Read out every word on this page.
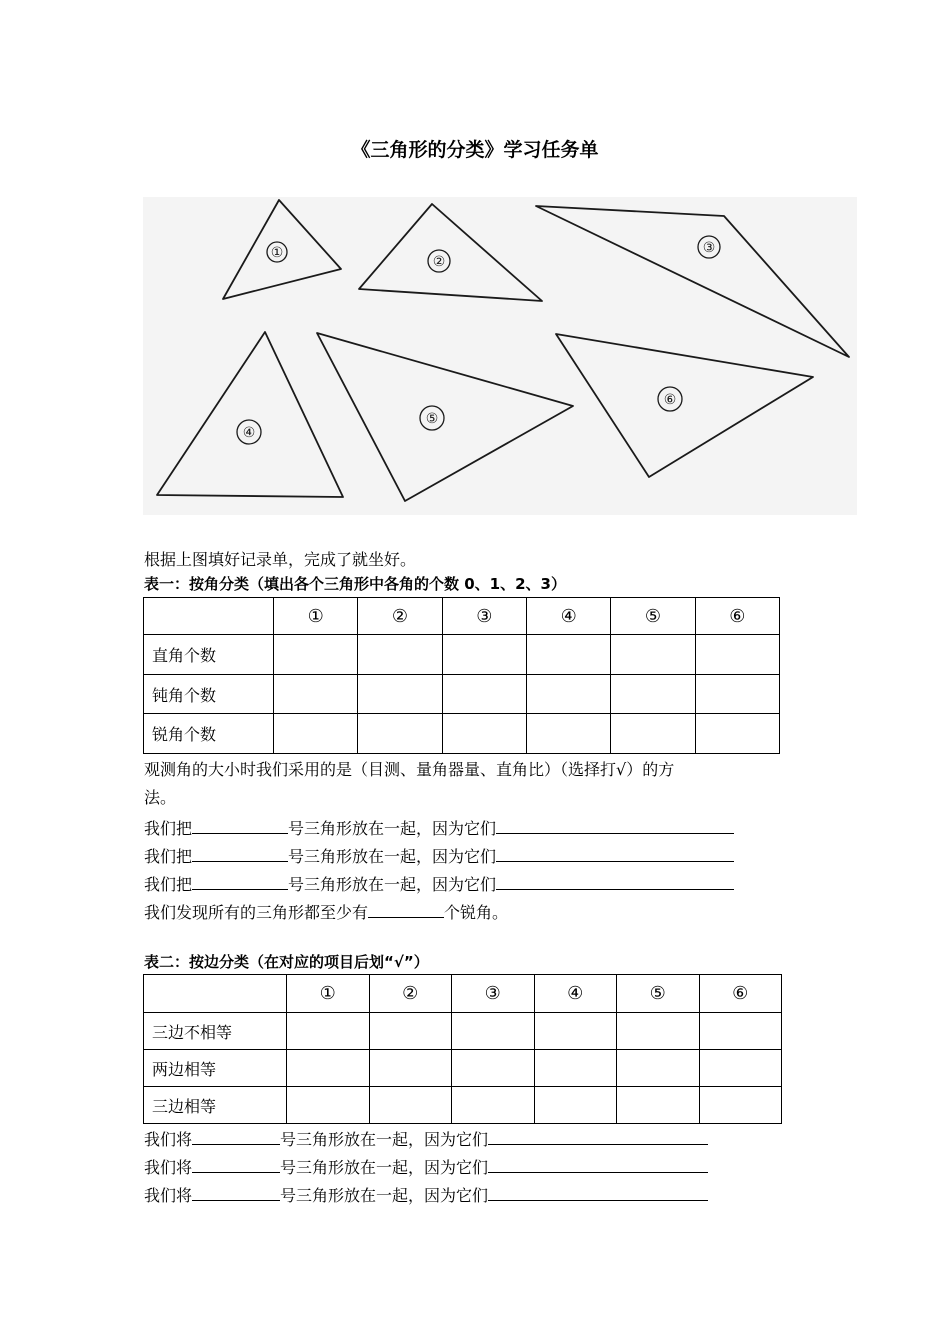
《三角形的分类》学习任务单
①
②
③
④
⑤
⑥
根据上图填好记录单，完成了就坐好。
表一：按角分类（填出各个三角形中各角的个数 0、1、2、3）
	①	②	③	④	⑤	⑥
直角个数						
钝角个数						
锐角个数						
观测角的大小时我们采用的是（目测、量角器量、直角比）（选择打√）的方
法。
我们把	号三角形放在一起，因为它们
我们把	号三角形放在一起，因为它们
我们把	号三角形放在一起，因为它们
我们发现所有的三角形都至少有	个锐角。
表二：按边分类（在对应的项目后划“√”）
	①	②	③	④	⑤	⑥
三边不相等						
两边相等						
三边相等						
我们将	号三角形放在一起，因为它们
我们将	号三角形放在一起，因为它们
我们将	号三角形放在一起，因为它们
